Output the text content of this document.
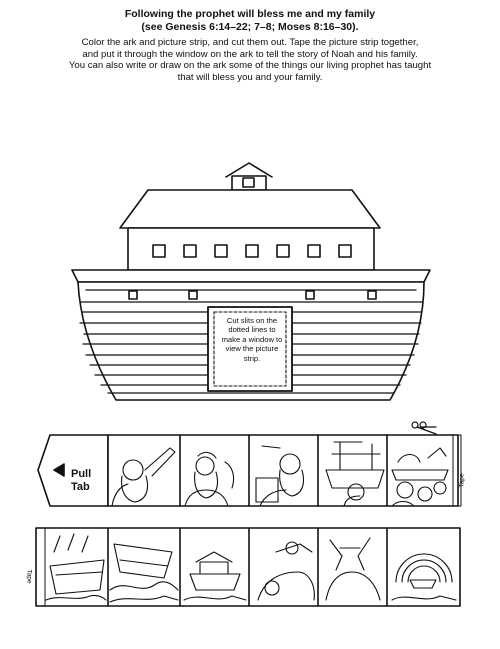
Following the prophet will bless me and my family
(see Genesis 6:14–22; 7–8; Moses 8:16–30).
Color the ark and picture strip, and cut them out. Tape the picture strip together,
and put it through the window on the ark to tell the story of Noah and his family.
You can also write or draw on the ark some of the things our living prophet has taught
that will bless you and your family.
Cut slits on the dotted lines to make a window to view the picture strip.
Pull
Tab	Tape
Tape
